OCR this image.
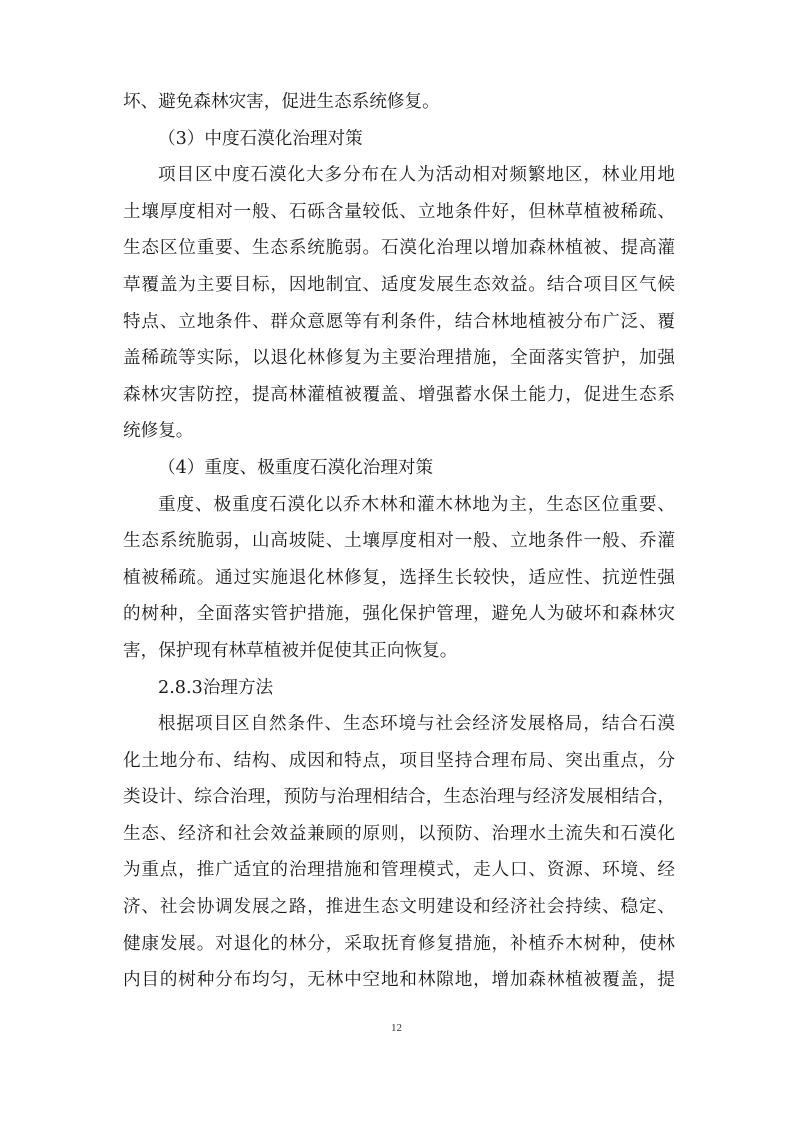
坏、避免森林灾害，促进生态系统修复。
（3）中度石漠化治理对策
项目区中度石漠化大多分布在人为活动相对频繁地区，林业用地
土壤厚度相对一般、石砾含量较低、立地条件好，但林草植被稀疏、
生态区位重要、生态系统脆弱。石漠化治理以增加森林植被、提高灌
草覆盖为主要目标，因地制宜、适度发展生态效益。结合项目区气候
特点、立地条件、群众意愿等有利条件，结合林地植被分布广泛、覆
盖稀疏等实际，以退化林修复为主要治理措施，全面落实管护，加强
森林灾害防控，提高林灌植被覆盖、增强蓄水保土能力，促进生态系
统修复。
（4）重度、极重度石漠化治理对策
重度、极重度石漠化以乔木林和灌木林地为主，生态区位重要、
生态系统脆弱，山高坡陡、土壤厚度相对一般、立地条件一般、乔灌
植被稀疏。通过实施退化林修复，选择生长较快，适应性、抗逆性强
的树种，全面落实管护措施，强化保护管理，避免人为破坏和森林灾
害，保护现有林草植被并促使其正向恢复。
2.8.3治理方法
根据项目区自然条件、生态环境与社会经济发展格局，结合石漠
化土地分布、结构、成因和特点，项目坚持合理布局、突出重点，分
类设计、综合治理，预防与治理相结合，生态治理与经济发展相结合，
生态、经济和社会效益兼顾的原则，以预防、治理水土流失和石漠化
为重点，推广适宜的治理措施和管理模式，走人口、资源、环境、经
济、社会协调发展之路，推进生态文明建设和经济社会持续、稳定、
健康发展。对退化的林分，采取抚育修复措施，补植乔木树种，使林
内目的树种分布均匀，无林中空地和林隙地，增加森林植被覆盖，提
12
